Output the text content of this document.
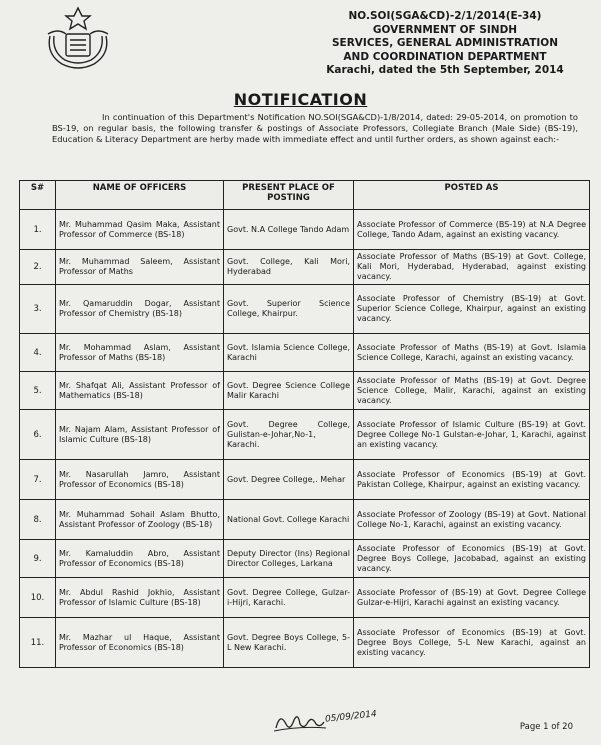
NO.SOI(SGA&CD)-2/1/2014(E-34)
GOVERNMENT OF SINDH
SERVICES, GENERAL ADMINISTRATION
AND COORDINATION DEPARTMENT
Karachi, dated the 5th September, 2014
NOTIFICATION
In continuation of this Department's Notification NO.SOI(SGA&CD)-1/8/2014, dated: 29-05-2014, on promotion to BS-19, on regular basis, the following transfer & postings of Associate Professors, Collegiate Branch (Male Side) (BS-19), Education & Literacy Department are herby made with immediate effect and until further orders, as shown against each:-
S#	NAME OF OFFICERS	PRESENT PLACE OF POSTING	POSTED AS
1.	Mr. Muhammad Qasim Maka, Assistant Professor of Commerce (BS-18)	Govt. N.A College Tando Adam	Associate Professor of Commerce (BS-19) at N.A Degree College, Tando Adam, against an existing vacancy.
2.	Mr. Muhammad Saleem, Assistant Professor of Maths	Govt. College, Kali Mori, Hyderabad	Associate Professor of Maths (BS-19) at Govt. College, Kali Mori, Hyderabad, Hyderabad, against existing vacancy.
3.	Mr. Qamaruddin Dogar, Assistant Professor of Chemistry (BS-18)	Govt. Superior Science College, Khairpur.	Associate Professor of Chemistry (BS-19) at Govt. Superior Science College, Khairpur, against an existing vacancy.
4.	Mr. Mohammad Aslam, Assistant Professor of Maths (BS-18)	Govt. Islamia Science College, Karachi	Associate Professor of Maths (BS-19) at Govt. Islamia Science College, Karachi, against an existing vacancy.
5.	Mr. Shafqat Ali, Assistant Professor of Mathematics (BS-18)	Govt. Degree Science College Malir Karachi	Associate Professor of Maths (BS-19) at Govt. Degree Science College, Malir, Karachi, against an existing vacancy.
6.	Mr. Najam Alam, Assistant Professor of Islamic Culture (BS-18)	Govt. Degree College, Gulistan-e-Johar,No-1, Karachi.	Associate Professor of Islamic Culture (BS-19) at Govt. Degree College No-1 Gulstan-e-Johar, 1, Karachi, against an existing vacancy.
7.	Mr. Nasarullah Jamro, Assistant Professor of Economics (BS-18)	Govt. Degree College,. Mehar	Associate Professor of Economics (BS-19) at Govt. Pakistan College, Khairpur, against an existing vacancy.
8.	Mr. Muhammad Sohail Aslam Bhutto, Assistant Professor of Zoology (BS-18)	National Govt. College Karachi	Associate Professor of Zoology (BS-19) at Govt. National College No-1, Karachi, against an existing vacancy.
9.	Mr. Kamaluddin Abro, Assistant Professor of Economics (BS-18)	Deputy Director (Ins) Regional Director Colleges, Larkana	Associate Professor of Economics (BS-19) at Govt. Degree Boys College, Jacobabad, against an existing vacancy.
10.	Mr. Abdul Rashid Jokhio, Assistant Professor of Islamic Culture (BS-18)	Govt. Degree College, Gulzar-i-Hijri, Karachi.	Associate Professor of (BS-19) at Govt. Degree College Gulzar-e-Hijri, Karachi against an existing vacancy.
11.	Mr. Mazhar ul Haque, Assistant Professor of Economics (BS-18)	Govt. Degree Boys College, 5-L New Karachi.	Associate Professor of Economics (BS-19) at Govt. Degree Boys College, 5-L New Karachi, against an existing vacancy.
05/09/2014
Page 1 of 20
